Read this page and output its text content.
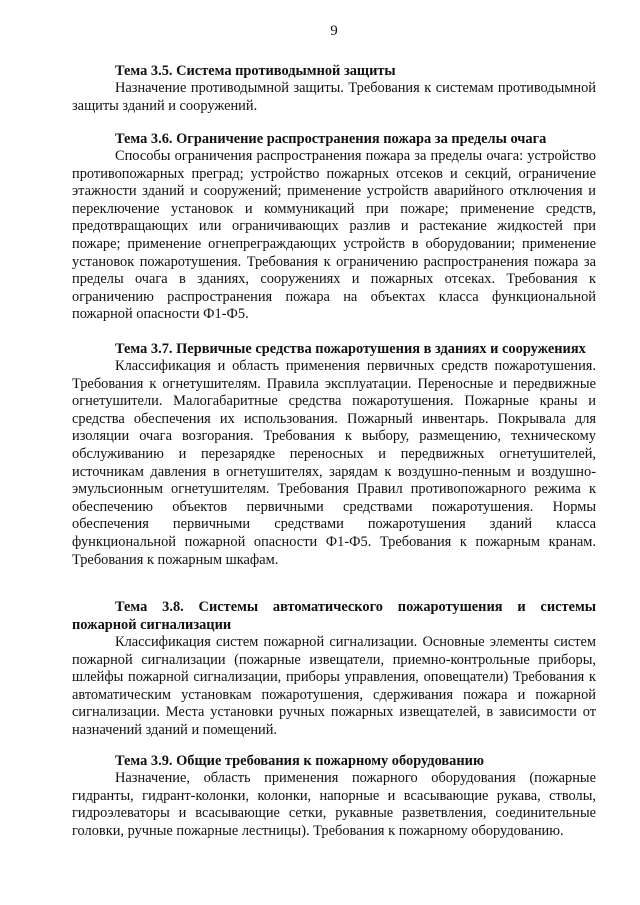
9

Тема 3.5. Система противодымной защиты

Назначение противодымной защиты. Требования к системам противодымной защиты зданий и сооружений.

Тема 3.6. Ограничение распространения пожара за пределы очага

Способы ограничения распространения пожара за пределы очага: устройство противопожарных преград; устройство пожарных отсеков и секций, ограничение этажности зданий и сооружений; применение устройств аварийного отключения и переключение установок и коммуникаций при пожаре; применение средств, предотвращающих или ограничивающих разлив и растекание жидкостей при пожаре; применение огнепреграждающих устройств в оборудовании; применение установок пожаротушения. Требования к ограничению распространения пожара за пределы очага в зданиях, сооружениях и пожарных отсеках. Требования к ограничению распространения пожара на объектах класса функциональной пожарной опасности Ф1-Ф5.

Тема 3.7. Первичные средства пожаротушения в зданиях и сооружениях

Классификация и область применения первичных средств пожаротушения. Требования к огнетушителям. Правила эксплуатации. Переносные и передвижные огнетушители. Малогабаритные средства пожаротушения. Пожарные краны и средства обеспечения их использования. Пожарный инвентарь. Покрывала для изоляции очага возгорания. Требования к выбору, размещению, техническому обслуживанию и перезарядке переносных и передвижных огнетушителей, источникам давления в огнетушителях, зарядам к воздушно-пенным и воздушно-эмульсионным огнетушителям. Требования Правил противопожарного режима к обеспечению объектов первичными средствами пожаротушения. Нормы обеспечения первичными средствами пожаротушения зданий класса функциональной пожарной опасности Ф1-Ф5. Требования к пожарным кранам. Требования к пожарным шкафам.

Тема 3.8. Системы автоматического пожаротушения и системы пожарной сигнализации

Классификация систем пожарной сигнализации. Основные элементы систем пожарной сигнализации (пожарные извещатели, приемно-контрольные приборы, шлейфы пожарной сигнализации, приборы управления, оповещатели) Требования к автоматическим установкам пожаротушения, сдерживания пожара и пожарной сигнализации. Места установки ручных пожарных извещателей, в зависимости от назначений зданий и помещений.

Тема 3.9. Общие требования к пожарному оборудованию

Назначение, область применения пожарного оборудования (пожарные гидранты, гидрант-колонки, колонки, напорные и всасывающие рукава, стволы, гидроэлеваторы и всасывающие сетки, рукавные разветвления, соединительные головки, ручные пожарные лестницы). Требования к пожарному оборудованию.
